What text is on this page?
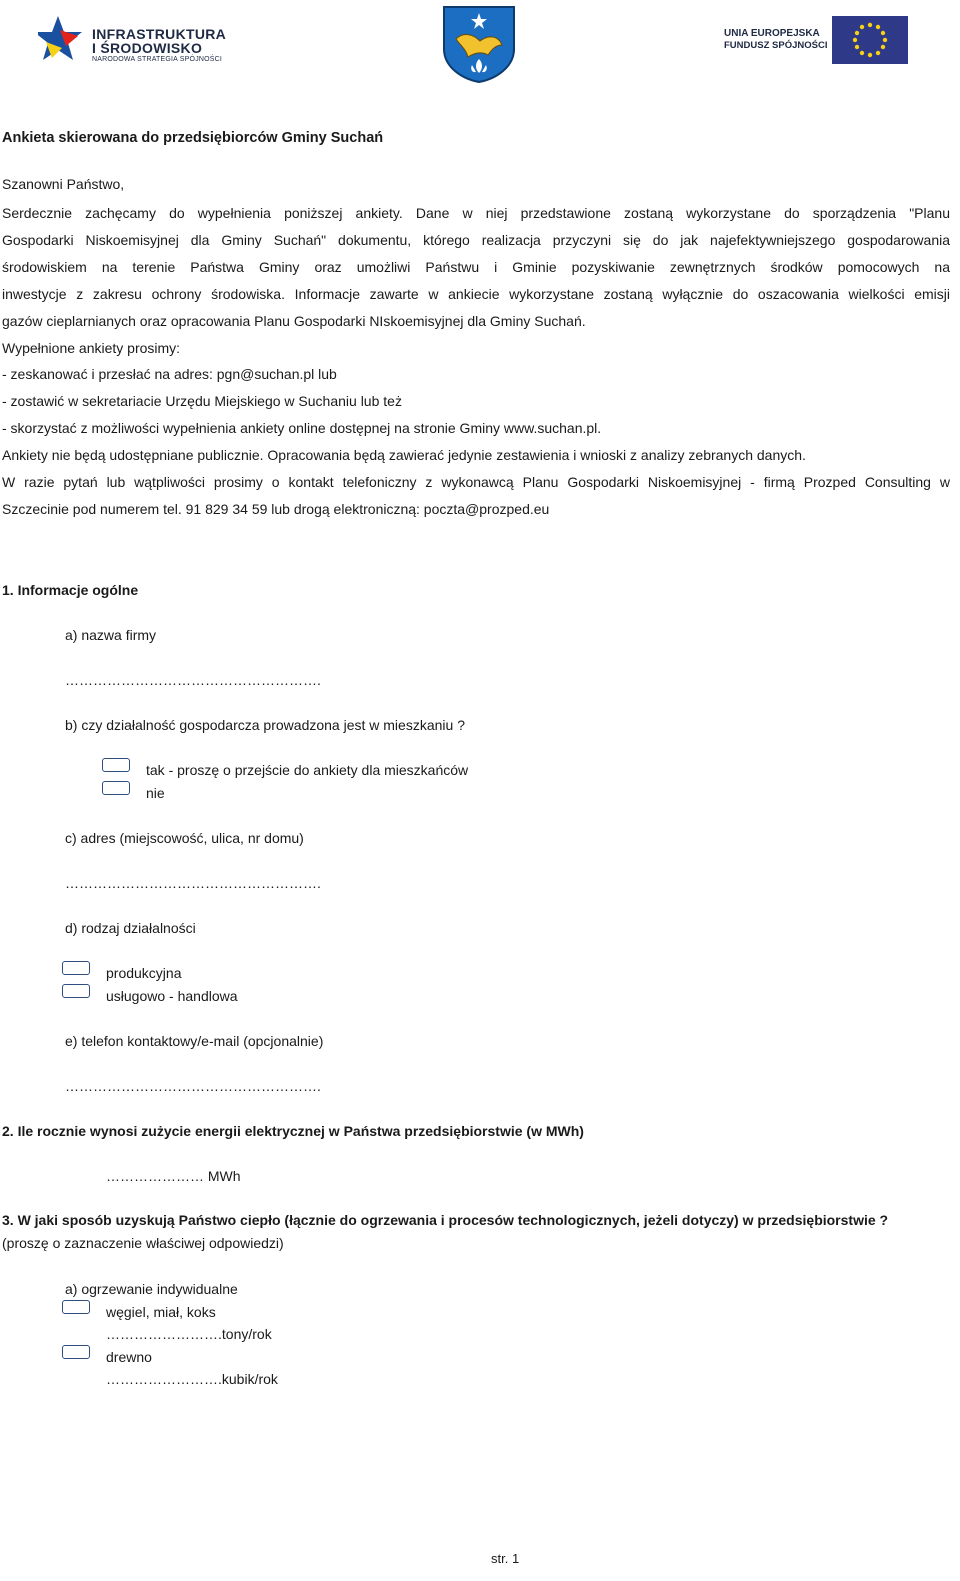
INFRASTRUKTURA
I ŚRODOWISKO
NARODOWA STRATEGIA SPÓJNOŚCI
UNIA EUROPEJSKA
FUNDUSZ SPÓJNOŚCI
Ankieta skierowana do przedsiębiorców Gminy Suchań
Szanowni Państwo,
Serdecznie zachęcamy do wypełnienia poniższej ankiety. Dane w niej przedstawione zostaną wykorzystane do sporządzenia "Planu
Gospodarki Niskoemisyjnej dla Gminy Suchań" dokumentu, którego realizacja przyczyni się do jak najefektywniejszego gospodarowania
środowiskiem na terenie Państwa Gminy oraz umożliwi Państwu i Gminie pozyskiwanie zewnętrznych środków pomocowych na
inwestycje z zakresu ochrony środowiska. Informacje zawarte w ankiecie wykorzystane zostaną wyłącznie do oszacowania wielkości emisji
gazów cieplarnianych oraz opracowania Planu Gospodarki NIskoemisyjnej dla Gminy Suchań.
Wypełnione ankiety prosimy:
- zeskanować i przesłać na adres: pgn@suchan.pl lub
- zostawić w sekretariacie Urzędu Miejskiego w Suchaniu lub też
- skorzystać z możliwości wypełnienia ankiety online dostępnej na stronie Gminy www.suchan.pl.
Ankiety nie będą udostępniane publicznie. Opracowania będą zawierać jedynie zestawienia i wnioski z analizy zebranych danych.
W razie pytań lub wątpliwości prosimy o kontakt telefoniczny z wykonawcą Planu Gospodarki Niskoemisyjnej - firmą Prozped Consulting w
Szczecinie pod numerem tel. 91 829 34 59 lub drogą elektroniczną: poczta@prozped.eu
1. Informacje ogólne
a) nazwa firmy
……………………………………………….
b) czy działalność gospodarcza prowadzona jest w mieszkaniu ?
tak - proszę o przejście do ankiety dla mieszkańców
nie
c) adres (miejscowość, ulica, nr domu)
……………………………………………….
d) rodzaj działalności
produkcyjna
usługowo - handlowa
e) telefon kontaktowy/e-mail (opcjonalnie)
……………………………………………….
2. Ile rocznie wynosi zużycie energii elektrycznej w Państwa przedsiębiorstwie (w MWh)
………………… MWh
3. W jaki sposób uzyskują Państwo ciepło (łącznie do ogrzewania i procesów technologicznych, jeżeli dotyczy) w przedsiębiorstwie ?
(proszę o zaznaczenie właściwej odpowiedzi)
a) ogrzewanie indywidualne
węgiel, miał, koks
…………………….tony/rok
drewno
…………………….kubik/rok
str. 1
